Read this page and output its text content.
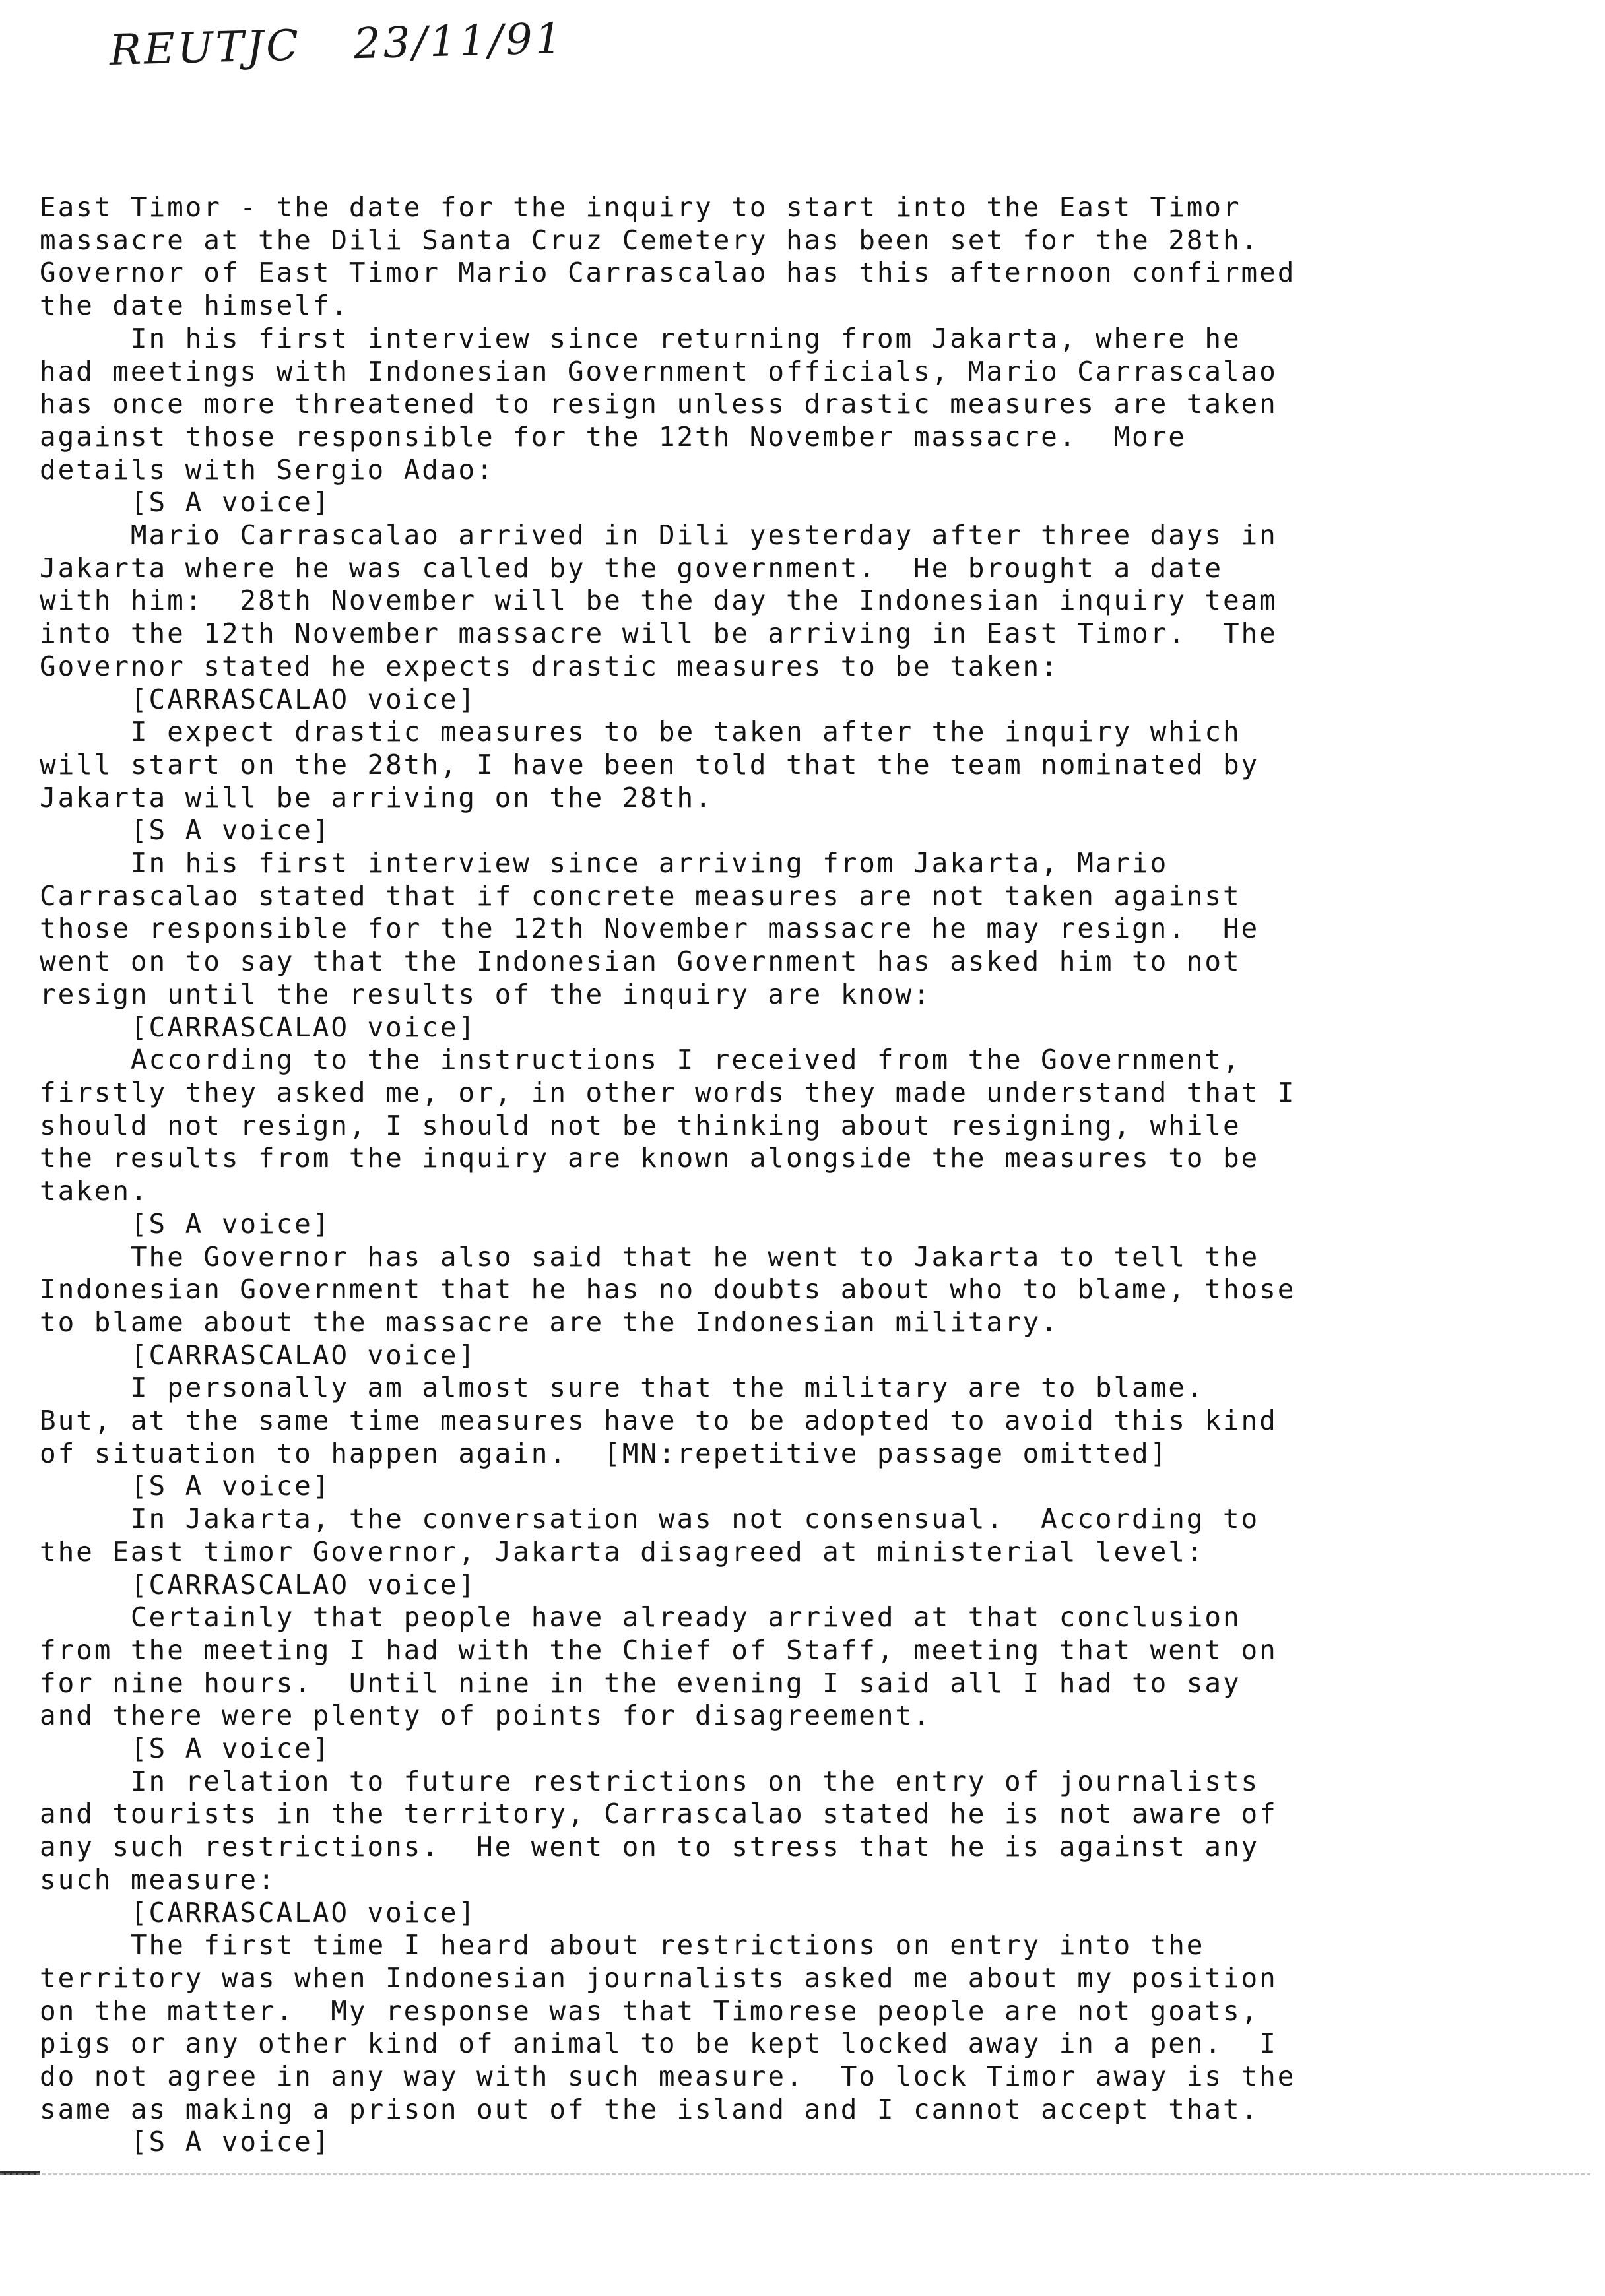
REUTJC 23/11/91
East Timor - the date for the inquiry to start into the East Timor
massacre at the Dili Santa Cruz Cemetery has been set for the 28th.
Governor of East Timor Mario Carrascalao has this afternoon confirmed
the date himself.
In his first interview since returning from Jakarta, where he
had meetings with Indonesian Government officials, Mario Carrascalao
has once more threatened to resign unless drastic measures are taken
against those responsible for the 12th November massacre.  More
details with Sergio Adao:
[S A voice]
Mario Carrascalao arrived in Dili yesterday after three days in
Jakarta where he was called by the government.  He brought a date
with him:  28th November will be the day the Indonesian inquiry team
into the 12th November massacre will be arriving in East Timor.  The
Governor stated he expects drastic measures to be taken:
[CARRASCALAO voice]
I expect drastic measures to be taken after the inquiry which
will start on the 28th, I have been told that the team nominated by
Jakarta will be arriving on the 28th.
[S A voice]
In his first interview since arriving from Jakarta, Mario
Carrascalao stated that if concrete measures are not taken against
those responsible for the 12th November massacre he may resign.  He
went on to say that the Indonesian Government has asked him to not
resign until the results of the inquiry are know:
[CARRASCALAO voice]
According to the instructions I received from the Government,
firstly they asked me, or, in other words they made understand that I
should not resign, I should not be thinking about resigning, while
the results from the inquiry are known alongside the measures to be
taken.
[S A voice]
The Governor has also said that he went to Jakarta to tell the
Indonesian Government that he has no doubts about who to blame, those
to blame about the massacre are the Indonesian military.
[CARRASCALAO voice]
I personally am almost sure that the military are to blame.
But, at the same time measures have to be adopted to avoid this kind
of situation to happen again.  [MN:repetitive passage omitted]
[S A voice]
In Jakarta, the conversation was not consensual.  According to
the East timor Governor, Jakarta disagreed at ministerial level:
[CARRASCALAO voice]
Certainly that people have already arrived at that conclusion
from the meeting I had with the Chief of Staff, meeting that went on
for nine hours.  Until nine in the evening I said all I had to say
and there were plenty of points for disagreement.
[S A voice]
In relation to future restrictions on the entry of journalists
and tourists in the territory, Carrascalao stated he is not aware of
any such restrictions.  He went on to stress that he is against any
such measure:
[CARRASCALAO voice]
The first time I heard about restrictions on entry into the
territory was when Indonesian journalists asked me about my position
on the matter.  My response was that Timorese people are not goats,
pigs or any other kind of animal to be kept locked away in a pen.  I
do not agree in any way with such measure.  To lock Timor away is the
same as making a prison out of the island and I cannot accept that.
[S A voice]
